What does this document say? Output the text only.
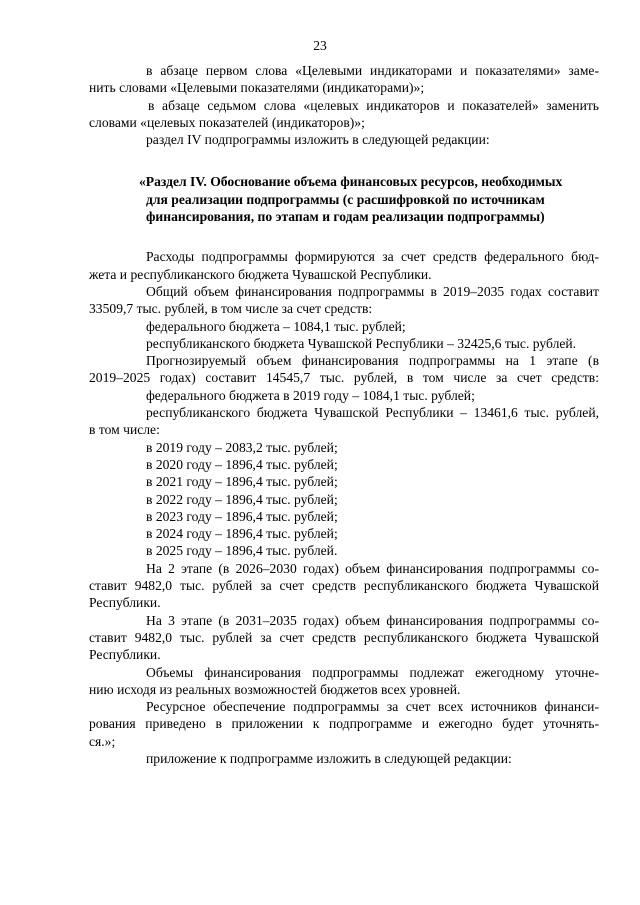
23

в абзаце первом слова «Целевыми индикаторами и показателями» заме-

нить словами «Целевыми показателями (индикаторами)»;

в абзаце седьмом слова «целевых индикаторов и показателей» заменить

словами «целевых показателей (индикаторов)»;

раздел IV подпрограммы изложить в следующей редакции:

«Раздел IV. Обоснование объема финансовых ресурсов, необходимых
для реализации подпрограммы (с расшифровкой по источникам
финансирования, по этапам и годам реализации подпрограммы)

Расходы подпрограммы формируются за счет средств федерального бюд-

жета и республиканского бюджета Чувашской Республики.

Общий объем финансирования подпрограммы в 2019–2035 годах составит

33509,7 тыс. рублей, в том числе за счет средств:

федерального бюджета – 1084,1 тыс. рублей;

республиканского бюджета Чувашской Республики – 32425,6 тыс. рублей.

Прогнозируемый объем финансирования подпрограммы на 1 этапе (в

2019–2025 годах) составит 14545,7 тыс. рублей, в том числе за счет средств:

федерального бюджета в 2019 году – 1084,1 тыс. рублей;

республиканского бюджета Чувашской Республики – 13461,6 тыс. рублей,

в том числе:

в 2019 году – 2083,2 тыс. рублей;

в 2020 году – 1896,4 тыс. рублей;

в 2021 году – 1896,4 тыс. рублей;

в 2022 году – 1896,4 тыс. рублей;

в 2023 году – 1896,4 тыс. рублей;

в 2024 году – 1896,4 тыс. рублей;

в 2025 году – 1896,4 тыс. рублей.

На 2 этапе (в 2026–2030 годах) объем финансирования подпрограммы со-

ставит 9482,0 тыс. рублей за счет средств республиканского бюджета Чувашской

Республики.

На 3 этапе (в 2031–2035 годах) объем финансирования подпрограммы со-

ставит 9482,0 тыс. рублей за счет средств республиканского бюджета Чувашской

Республики.

Объемы финансирования подпрограммы подлежат ежегодному уточне-

нию исходя из реальных возможностей бюджетов всех уровней.

Ресурсное обеспечение подпрограммы за счет всех источников финанси-

рования приведено в приложении к подпрограмме и ежегодно будет уточнять-

ся.»;

приложение к подпрограмме изложить в следующей редакции:
